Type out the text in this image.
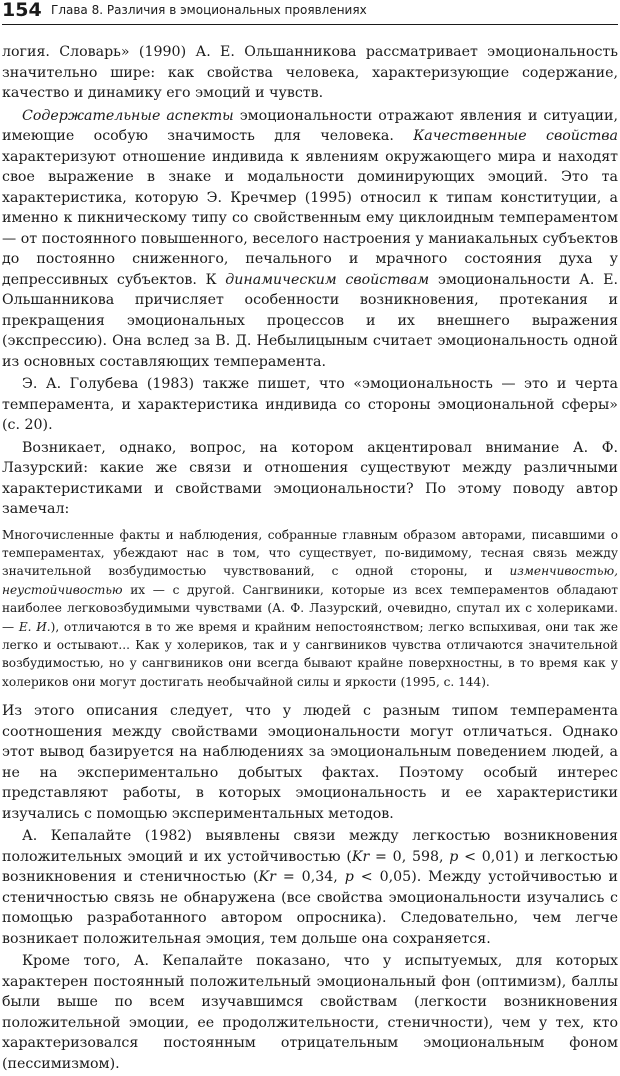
154 Глава 8. Различия в эмоциональных проявлениях

логия. Словарь» (1990) А. Е. Ольшанникова рассматривает эмоциональность значительно шире: как свойства человека, характеризующие содержание, качество и динамику его эмоций и чувств.

Содержательные аспекты эмоциональности отражают явления и ситуации, имеющие особую значимость для человека. Качественные свойства характеризуют отношение индивида к явлениям окружающего мира и находят свое выражение в знаке и модальности доминирующих эмоций. Это та характеристика, которую Э. Кречмер (1995) относил к типам конституции, а именно к пикническому типу со свойственным ему циклоидным темпераментом — от постоянного повышенного, веселого настроения у маниакальных субъектов до постоянно сниженного, печального и мрачного состояния духа у депрессивных субъектов. К динамическим свойствам эмоциональности А. Е. Ольшанникова причисляет особенности возникновения, протекания и прекращения эмоциональных процессов и их внешнего выражения (экспрессию). Она вслед за В. Д. Небылицыным считает эмоциональность одной из основных составляющих темперамента.

Э. А. Голубева (1983) также пишет, что «эмоциональность — это и черта темперамента, и характеристика индивида со стороны эмоциональной сферы» (с. 20).

Возникает, однако, вопрос, на котором акцентировал внимание А. Ф. Лазурский: какие же связи и отношения существуют между различными характеристиками и свойствами эмоциональности? По этому поводу автор замечал:

Многочисленные факты и наблюдения, собранные главным образом авторами, писавшими о темпераментах, убеждают нас в том, что существует, по-видимому, тесная связь между значительной возбудимостью чувствований, с одной стороны, и изменчивостью, неустойчивостью их — с другой. Сангвиники, которые из всех темпераментов обладают наиболее легковозбудимыми чувствами (А. Ф. Лазурский, очевидно, спутал их с холериками. — Е. И.), отличаются в то же время и крайним непостоянством; легко вспыхивая, они так же легко и остывают... Как у холериков, так и у сангвиников чувства отличаются значительной возбудимостью, но у сангвиников они всегда бывают крайне поверхностны, в то время как у холериков они могут достигать необычайной силы и яркости (1995, с. 144).

Из этого описания следует, что у людей с разным типом темперамента соотношения между свойствами эмоциональности могут отличаться. Однако этот вывод базируется на наблюдениях за эмоциональным поведением людей, а не на экспериментально добытых фактах. Поэтому особый интерес представляют работы, в которых эмоциональность и ее характеристики изучались с помощью экспериментальных методов.

А. Кепалайте (1982) выявлены связи между легкостью возникновения положительных эмоций и их устойчивостью (Kr = 0, 598, p < 0,01) и легкостью возникновения и стеничностью (Kr = 0,34, p < 0,05). Между устойчивостью и стеничностью связь не обнаружена (все свойства эмоциональности изучались с помощью разработанного автором опросника). Следовательно, чем легче возникает положительная эмоция, тем дольше она сохраняется.

Кроме того, А. Кепалайте показано, что у испытуемых, для которых характерен постоянный положительный эмоциональный фон (оптимизм), баллы были выше по всем изучавшимся свойствам (легкости возникновения положительной эмоции, ее продолжительности, стеничности), чем у тех, кто характеризовался постоянным отрицательным эмоциональным фоном (пессимизмом).
